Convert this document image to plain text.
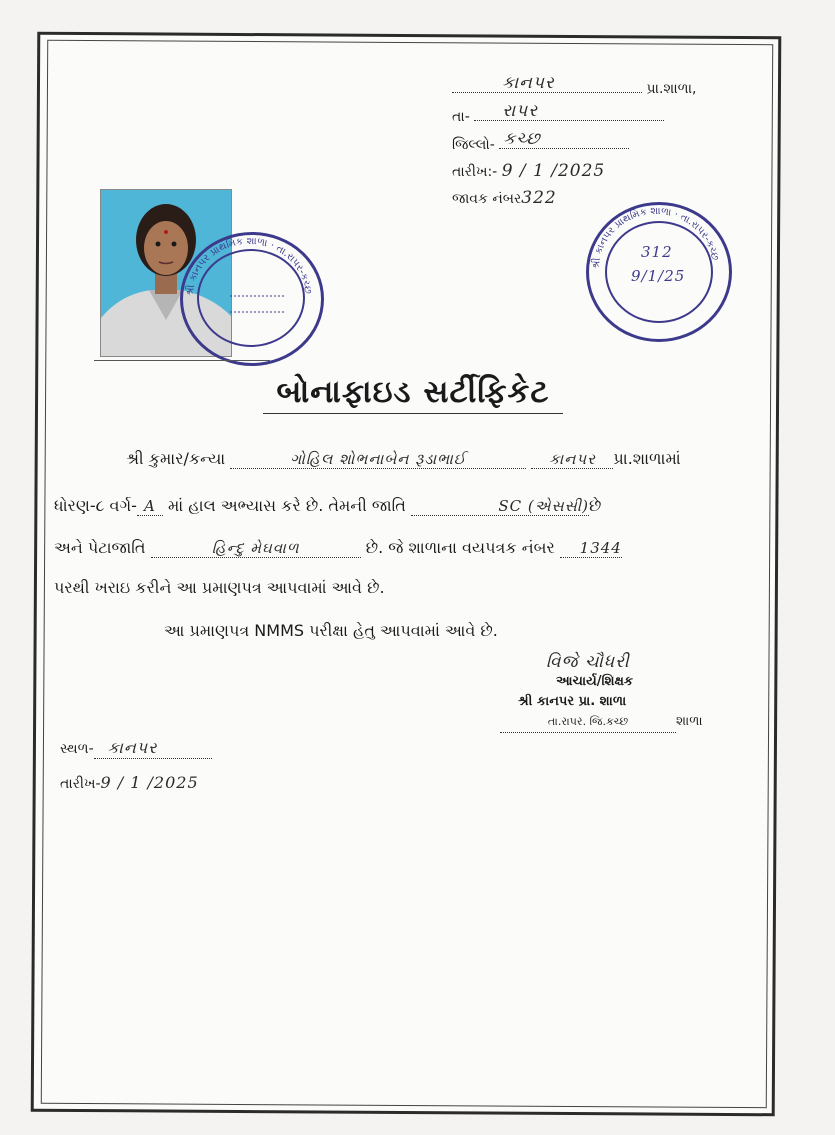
કાનપર	પ્રા.શાળા,
તા- રાપર
જિલ્લો- કચ્છ
તારીખ:- 9 / 1 /2025
જાવક નંબર322
શ્રી કાનપર પ્રાથમિક શાળા · તા.રાપર-કચ્છ
શ્રી કાનપર પ્રાથમિક શાળા · તા.રાપર-કચ્છ
312
9/1/25
બોનાફાઇડ સર્ટીફિકેટ
શ્રી કુમાર/કન્યા	ગોહિલ શોભનાબેન રૂડાભાઈ	કાનપર પ્રા.શાળામાં
ધોરણ-૮ વર્ગ- A માં હાલ અભ્યાસ કરે છે. તેમની જાતિ	SC (એસસી)છે
અને પેટાજાતિ	હિન્દુ મેઘવાળ	છે. જે શાળાના વયપત્રક નંબર 1344
પરથી ખરાઇ કરીને આ પ્રમાણપત્ર આપવામાં આવે છે.
આ પ્રમાણપત્ર NMMS પરીક્ષા હેતુ આપવામાં આવે છે.
વિજે ચૌધરી
આચાર્ય/શિક્ષક
શ્રી કાનપર પ્રા. શાળા
તા.રાપર. જિ.કચ્છ	શાળા
સ્થળ- કાનપર
તારીખ-9 / 1 /2025
